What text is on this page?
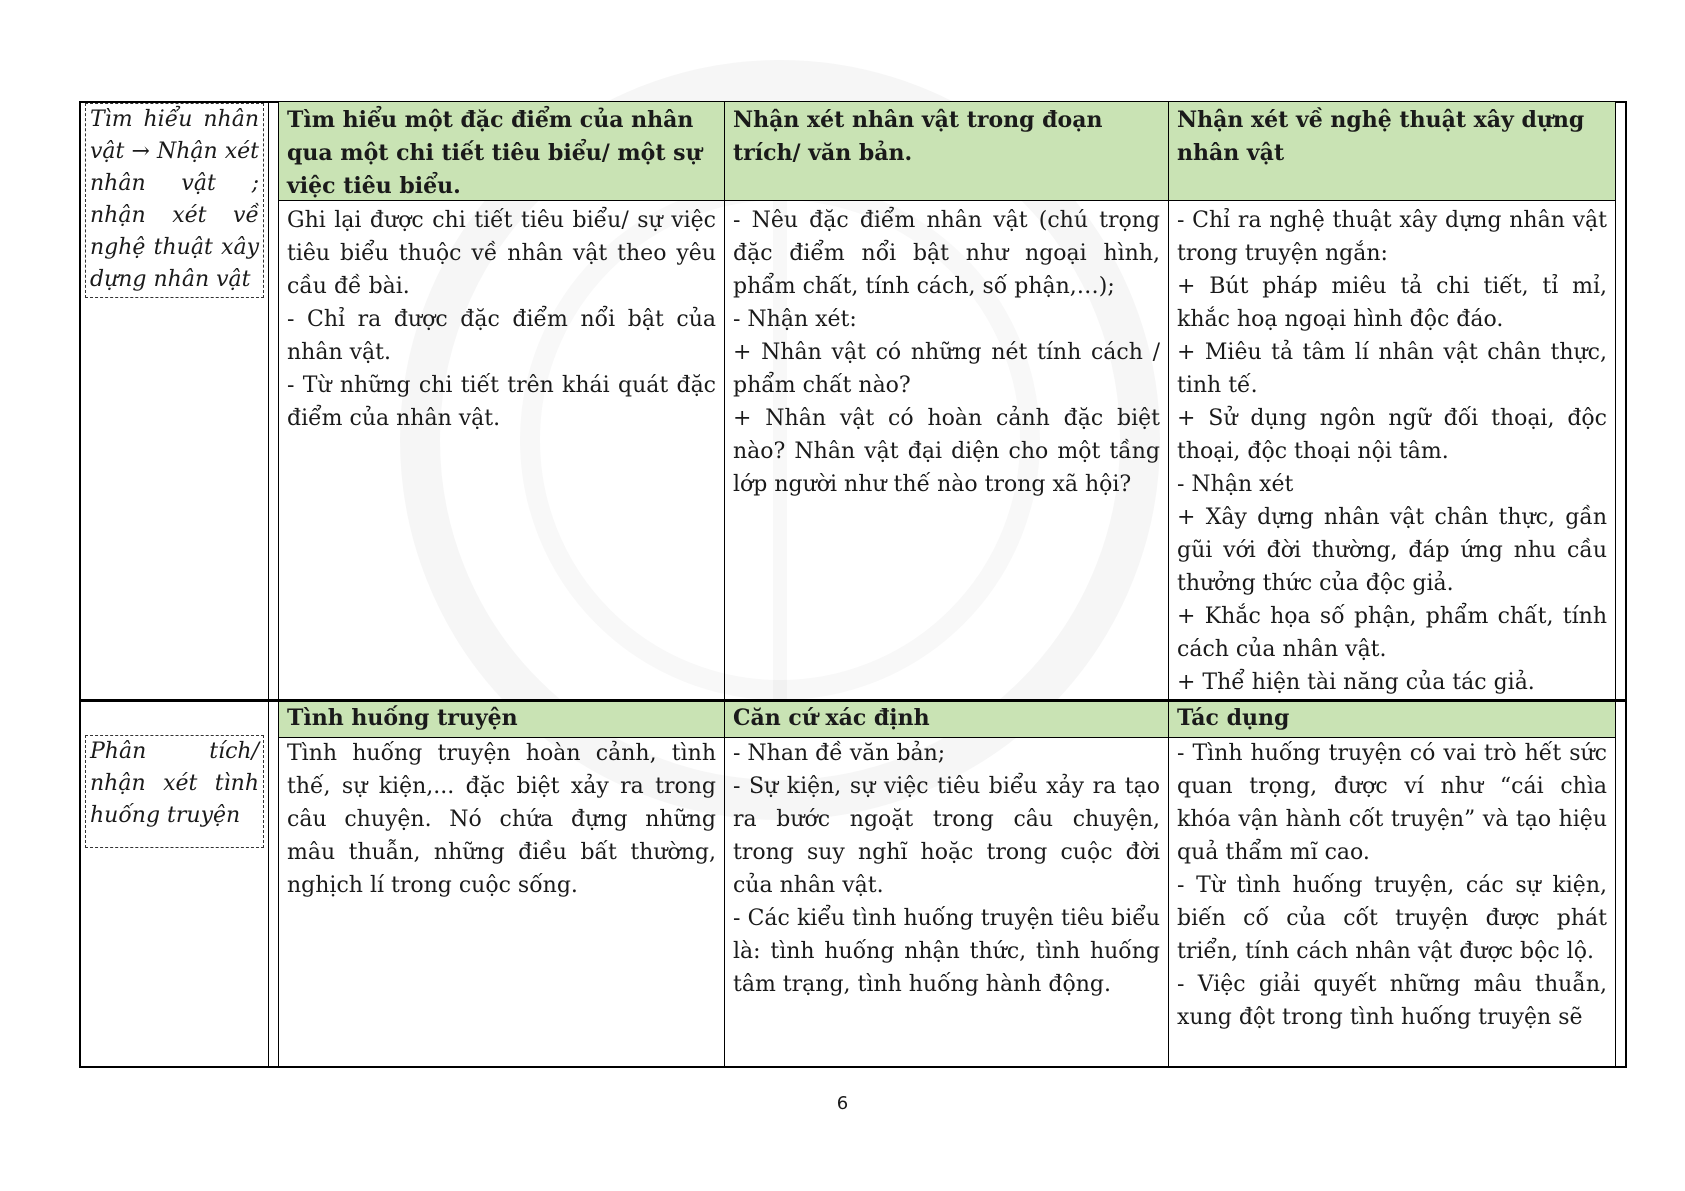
Tìm hiểu nhân vật → Nhận xét nhân vật ; nhận xét về nghệ thuật xây dựng nhân vật
Tìm hiểu một đặc điểm của nhân qua một chi tiết tiêu biểu/ một sự việc tiêu biểu.
Nhận xét nhân vật trong đoạn trích/ văn bản.
Nhận xét về nghệ thuật xây dựng nhân vật
Ghi lại được chi tiết tiêu biểu/ sự việc tiêu biểu thuộc về nhân vật theo yêu cầu đề bài.
- Chỉ ra được đặc điểm nổi bật của nhân vật.
- Từ những chi tiết trên khái quát đặc điểm của nhân vật.
- Nêu đặc điểm nhân vật (chú trọng đặc điểm nổi bật như ngoại hình, phẩm chất, tính cách, số phận,…);
- Nhận xét:
+ Nhân vật có những nét tính cách / phẩm chất nào?
+ Nhân vật có hoàn cảnh đặc biệt nào? Nhân vật đại diện cho một tầng lớp người như thế nào trong xã hội?
- Chỉ ra nghệ thuật xây dựng nhân vật trong truyện ngắn:
+ Bút pháp miêu tả chi tiết, tỉ mỉ, khắc hoạ ngoại hình độc đáo.
+ Miêu tả tâm lí nhân vật chân thực, tinh tế.
+ Sử dụng ngôn ngữ đối thoại, độc thoại, độc thoại nội tâm.
- Nhận xét
+ Xây dựng nhân vật chân thực, gần gũi với đời thường, đáp ứng nhu cầu thưởng thức của độc giả.
+ Khắc họa số phận, phẩm chất, tính cách của nhân vật.
+ Thể hiện tài năng của tác giả.
Phân tích/ nhận xét tình huống truyện
Tình huống truyện	Căn cứ xác định	Tác dụng
Tình huống truyện hoàn cảnh, tình thế, sự kiện,... đặc biệt xảy ra trong câu chuyện. Nó chứa đựng những mâu thuẫn, những điều bất thường, nghịch lí trong cuộc sống.
- Nhan đề văn bản;
- Sự kiện, sự việc tiêu biểu xảy ra tạo ra bước ngoặt trong câu chuyện, trong suy nghĩ hoặc trong cuộc đời của nhân vật.
- Các kiểu tình huống truyện tiêu biểu là: tình huống nhận thức, tình huống tâm trạng, tình huống hành động.
- Tình huống truyện có vai trò hết sức quan trọng, được ví như “cái chìa khóa vận hành cốt truyện” và tạo hiệu quả thẩm mĩ cao.
- Từ tình huống truyện, các sự kiện, biến cố của cốt truyện được phát triển, tính cách nhân vật được bộc lộ.
- Việc giải quyết những mâu thuẫn, xung đột trong tình huống truyện sẽ
6
